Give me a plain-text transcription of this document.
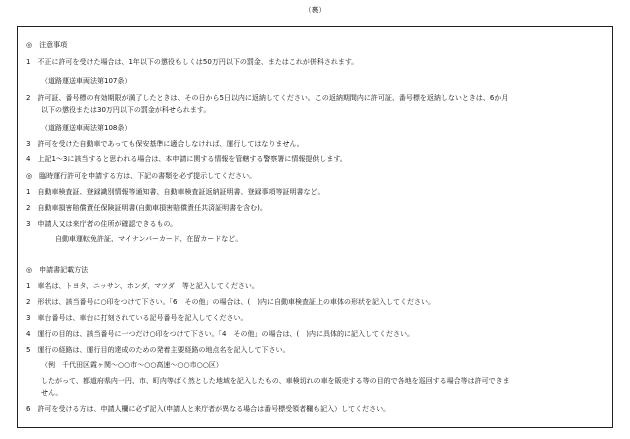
（裏）
◎　注意事項
1　不正に許可を受けた場合は、1年以下の懲役もしくは50万円以下の罰金、またはこれが併科されます。
（道路運送車両法第107条）
2　許可証、番号標の有効期限が満了したときは、その日から5日以内に返納してください。この返納期間内に許可証、番号標を返納しないときは、6か月
以下の懲役または30万円以下の罰金が科せられます。
（道路運送車両法第108条）
3　許可を受けた自動車であっても保安基準に適合しなければ、運行してはなりません。
4　上記1～3に該当すると思われる場合は、本申請に関する情報を管轄する警察署に情報提供します。
◎　臨時運行許可を申請する方は、下記の書類を必ず提示してください。
1　自動車検査証、登録識別情報等通知書、自動車検査証返納証明書、登録事項等証明書など。
2　自動車損害賠償責任保険証明書(自動車損害賠償責任共済証明書を含む)。
3　申請人又は来庁者の住所が確認できるもの。
自動車運転免許証、マイナンバーカード、在留カードなど。
◎　申請書記載方法
1　車名は、トヨタ、ニッサン、ホンダ、マツダ　等と記入してください。
2　形状は、該当番号に○印をつけて下さい。「6　その他」の場合は、(　)内に自動車検査証上の車体の形状を記入してください。
3　車台番号は、車台に打刻されている記号番号を記入してください。
4　運行の目的は、該当番号に一つだけ○印をつけて下さい。「4　その他」の場合は、(　)内に具体的に記入してください。
5　運行の経路は、運行目的達成のための発着主要経路の地点名を記入して下さい。
（例　千代田区霞ヶ関～○○市～○○高速～○○市○○区）
したがって、都道府県内一円、市、町内等ばく然とした地域を記入したもの、車検切れの車を販売する等の目的で各地を巡回する場合等は許可できま
せん。
6　許可を受ける方は、申請人欄に必ず記入(申請人と来庁者が異なる場合は番号標受領者欄も記入）してください。
